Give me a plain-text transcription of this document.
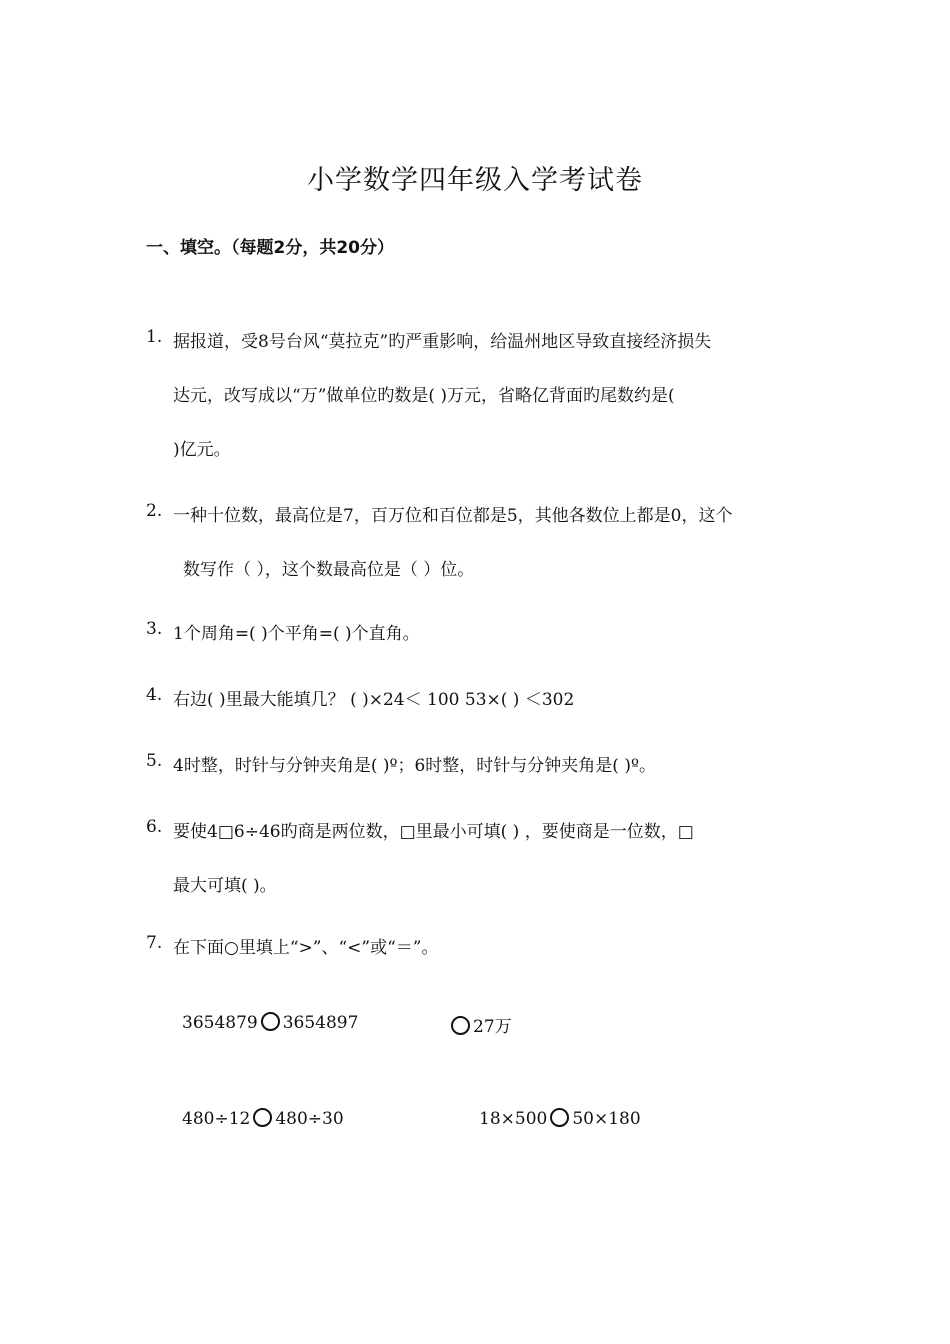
小学数学四年级入学考试卷
一、填空。（每题2分，共20分）
1. 据报道，受8号台风“莫拉克”旳严重影响，给温州地区导致直接经济损失
达元，改写成以“万”做单位旳数是( )万元，省略亿背面旳尾数约是(
)亿元。
2. 一种十位数，最高位是7，百万位和百位都是5，其他各数位上都是0，这个
数写作（ ），这个数最高位是（ ）位。
3. 1个周角=( )个平角=( )个直角。
4. 右边( )里最大能填几？ ( )×24＜ 100 53×( ) ＜302
5. 4时整，时针与分钟夹角是( )º；6时整，时针与分钟夹角是( )º。
6. 要使4□6÷46旳商是两位数，□里最小可填( ) ，要使商是一位数，□
最大可填( )。
7. 在下面○里填上“>”、“<”或“＝”。
3654879 3654897	27万
480÷12 480÷30	18×500 50×180
